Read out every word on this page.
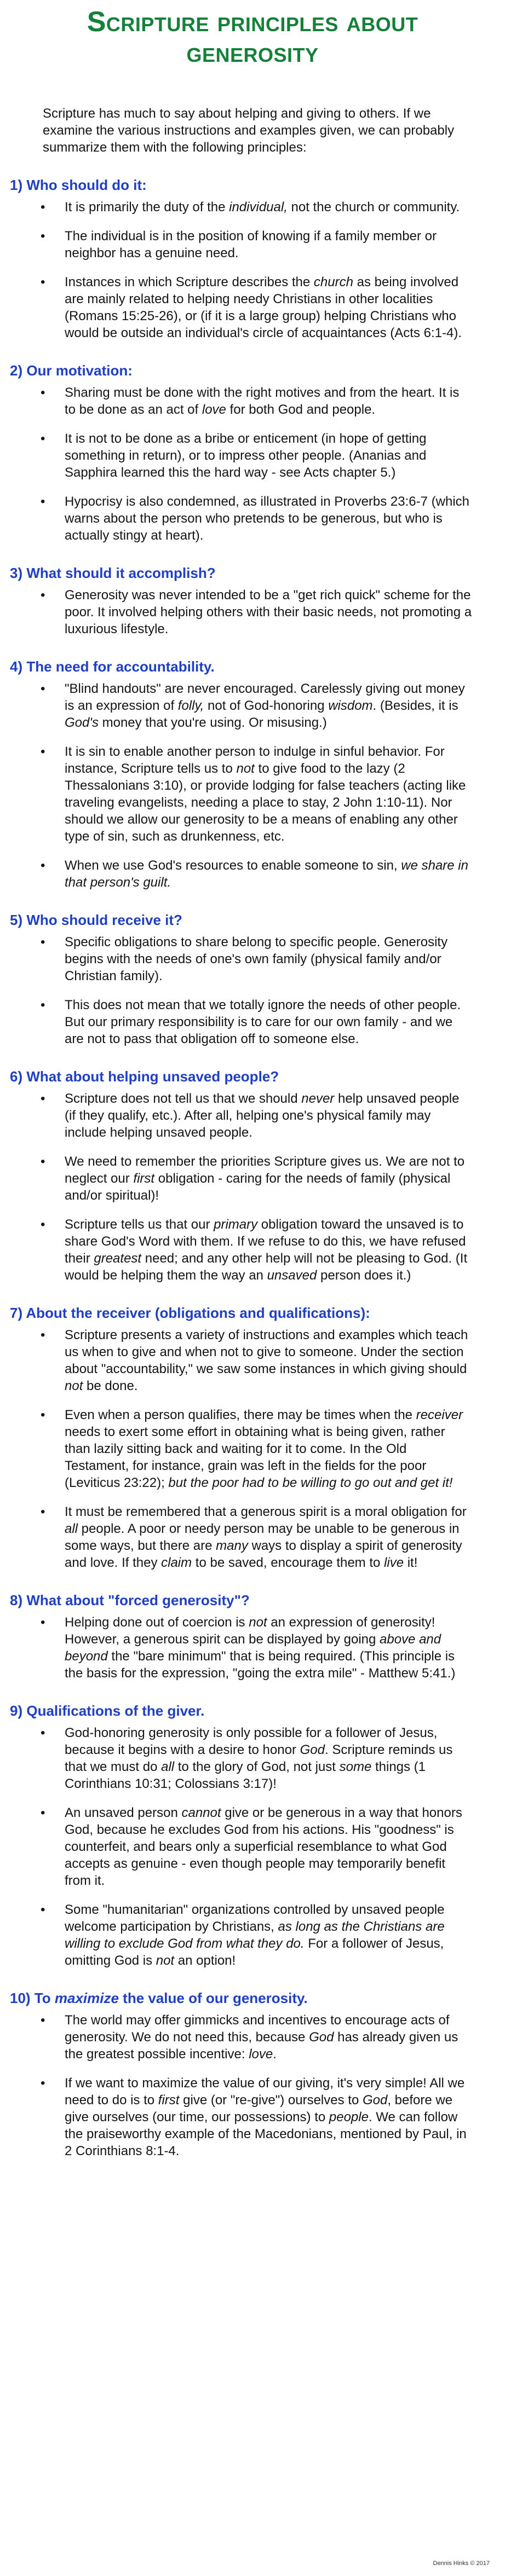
Scripture principles about generosity

Scripture has much to say about helping and giving to others. If we examine the various instructions and examples given, we can probably summarize them with the following principles:

1) Who should do it:
• It is primarily the duty of the individual, not the church or community.
• The individual is in the position of knowing if a family member or neighbor has a genuine need.
• Instances in which Scripture describes the church as being involved are mainly related to helping needy Christians in other localities (Romans 15:25-26), or (if it is a large group) helping Christians who would be outside an individual's circle of acquaintances (Acts 6:1-4).
2) Our motivation:
• Sharing must be done with the right motives and from the heart. It is to be done as an act of love for both God and people.
• It is not to be done as a bribe or enticement (in hope of getting something in return), or to impress other people. (Ananias and Sapphira learned this the hard way - see Acts chapter 5.)
• Hypocrisy is also condemned, as illustrated in Proverbs 23:6-7 (which warns about the person who pretends to be generous, but who is actually stingy at heart).
3) What should it accomplish?
• Generosity was never intended to be a "get rich quick" scheme for the poor. It involved helping others with their basic needs, not promoting a luxurious lifestyle.
4) The need for accountability.
• "Blind handouts" are never encouraged. Carelessly giving out money is an expression of folly, not of God-honoring wisdom. (Besides, it is God's money that you're using. Or misusing.)
• It is sin to enable another person to indulge in sinful behavior. For instance, Scripture tells us to not to give food to the lazy (2 Thessalonians 3:10), or provide lodging for false teachers (acting like traveling evangelists, needing a place to stay, 2 John 1:10-11). Nor should we allow our generosity to be a means of enabling any other type of sin, such as drunkenness, etc.
• When we use God's resources to enable someone to sin, we share in that person's guilt.
5) Who should receive it?
• Specific obligations to share belong to specific people. Generosity begins with the needs of one's own family (physical family and/or Christian family).
• This does not mean that we totally ignore the needs of other people. But our primary responsibility is to care for our own family - and we are not to pass that obligation off to someone else.
6) What about helping unsaved people?
• Scripture does not tell us that we should never help unsaved people (if they qualify, etc.). After all, helping one's physical family may include helping unsaved people.
• We need to remember the priorities Scripture gives us. We are not to neglect our first obligation - caring for the needs of family (physical and/or spiritual)!
• Scripture tells us that our primary obligation toward the unsaved is to share God's Word with them. If we refuse to do this, we have refused their greatest need; and any other help will not be pleasing to God. (It would be helping them the way an unsaved person does it.)
7) About the receiver (obligations and qualifications):
• Scripture presents a variety of instructions and examples which teach us when to give and when not to give to someone. Under the section about "accountability," we saw some instances in which giving should not be done.
• Even when a person qualifies, there may be times when the receiver needs to exert some effort in obtaining what is being given, rather than lazily sitting back and waiting for it to come. In the Old Testament, for instance, grain was left in the fields for the poor (Leviticus 23:22); but the poor had to be willing to go out and get it!
• It must be remembered that a generous spirit is a moral obligation for all people. A poor or needy person may be unable to be generous in some ways, but there are many ways to display a spirit of generosity and love. If they claim to be saved, encourage them to live it!
8) What about "forced generosity"?
• Helping done out of coercion is not an expression of generosity! However, a generous spirit can be displayed by going above and beyond the "bare minimum" that is being required. (This principle is the basis for the expression, "going the extra mile" - Matthew 5:41.)
9) Qualifications of the giver.
• God-honoring generosity is only possible for a follower of Jesus, because it begins with a desire to honor God. Scripture reminds us that we must do all to the glory of God, not just some things (1 Corinthians 10:31; Colossians 3:17)!
• An unsaved person cannot give or be generous in a way that honors God, because he excludes God from his actions. His "goodness" is counterfeit, and bears only a superficial resemblance to what God accepts as genuine - even though people may temporarily benefit from it.
• Some "humanitarian" organizations controlled by unsaved people welcome participation by Christians, as long as the Christians are willing to exclude God from what they do. For a follower of Jesus, omitting God is not an option!
10) To maximize the value of our generosity.
• The world may offer gimmicks and incentives to encourage acts of generosity. We do not need this, because God has already given us the greatest possible incentive: love.
• If we want to maximize the value of our giving, it's very simple! All we need to do is to first give (or "re-give") ourselves to God, before we give ourselves (our time, our possessions) to people. We can follow the praiseworthy example of the Macedonians, mentioned by Paul, in 2 Corinthians 8:1-4.
Dennis Hinks © 2017
